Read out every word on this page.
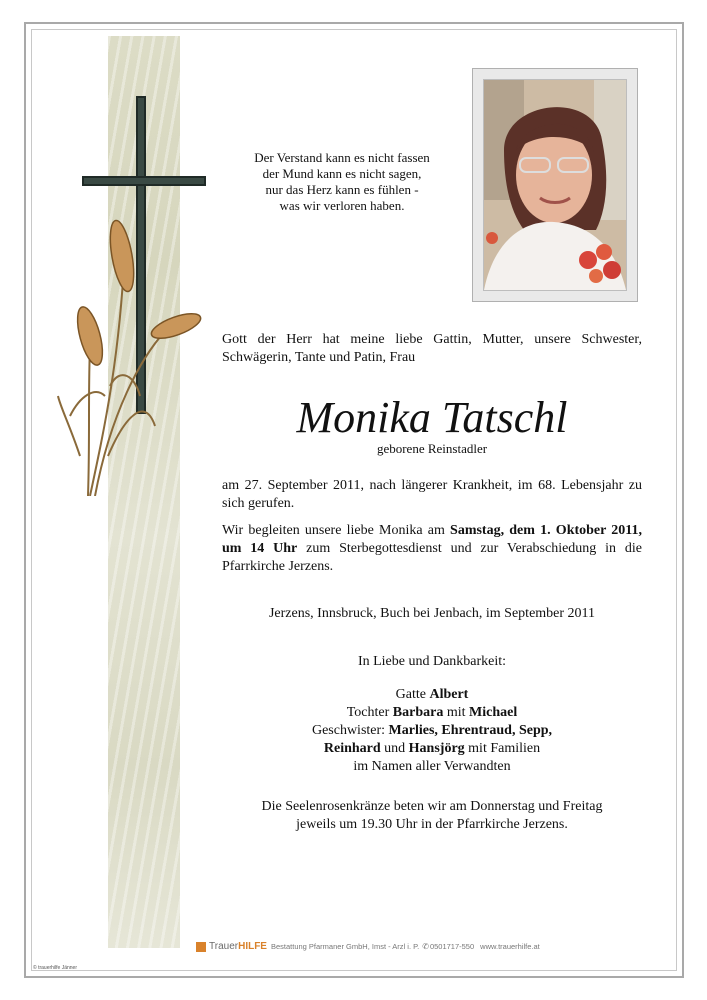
Der Verstand kann es nicht fassen
der Mund kann es nicht sagen,
nur das Herz kann es fühlen -
was wir verloren haben.
Gott der Herr hat meine liebe Gattin, Mutter, unsere Schwester, Schwägerin, Tante und Patin, Frau
Monika Tatschl
geborene Reinstadler
am 27. September 2011, nach längerer Krankheit, im 68. Lebensjahr zu sich gerufen.
Wir begleiten unsere liebe Monika am Samstag, dem 1. Oktober 2011, um 14 Uhr zum Sterbegottesdienst und zur Verabschiedung in die Pfarrkirche Jerzens.
Jerzens, Innsbruck, Buch bei Jenbach, im September 2011
In Liebe und Dankbarkeit:
Gatte Albert
Tochter Barbara mit Michael
Geschwister: Marlies, Ehrentraud, Sepp,
Reinhard und Hansjörg mit Familien
im Namen aller Verwandten
Die Seelenrosenkränze beten wir am Donnerstag und Freitag
jeweils um 19.30 Uhr in der Pfarrkirche Jerzens.
Trauer HILFE Bestattung Pfarmaner GmbH, Imst - Arzl i. P. ✆ 0501717-550 www.trauerhilfe.at
© trauerhilfe Jänner
